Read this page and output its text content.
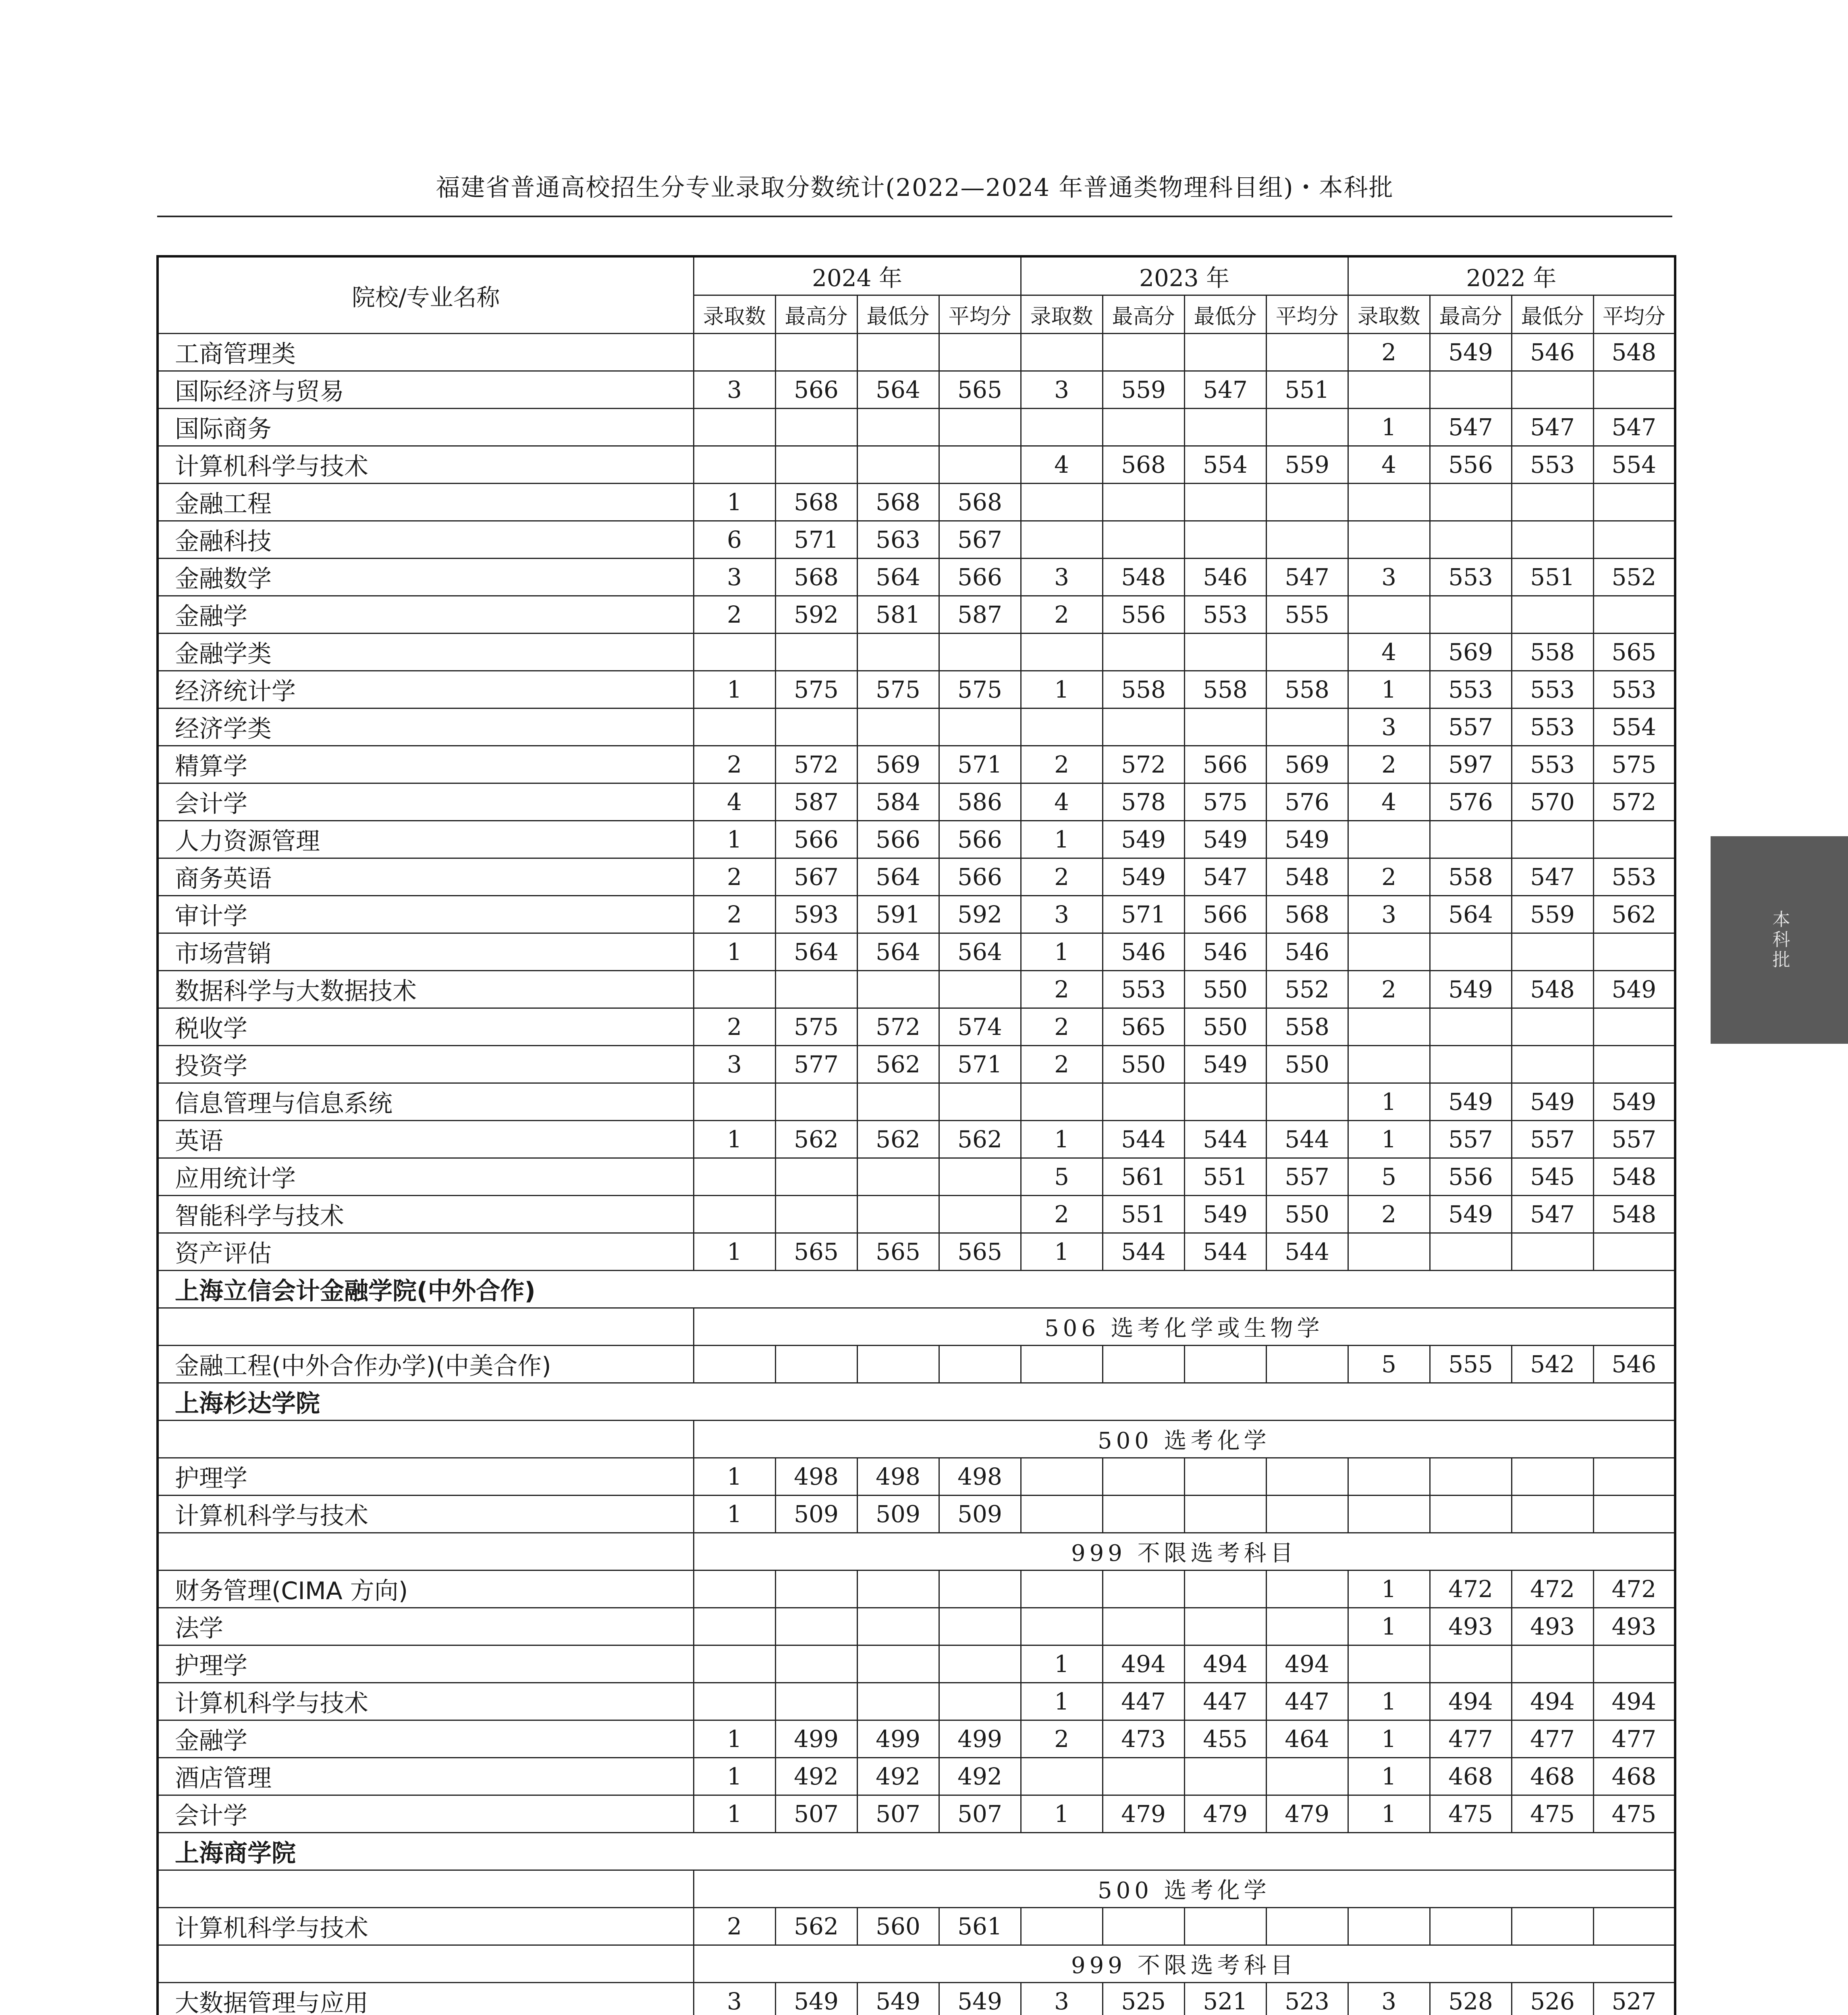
福建省普通高校招生分专业录取分数统计(2022—2024 年普通类物理科目组)・本科批
院校/专业名称	2024 年				2023 年				2022 年			
	录取数	最高分	最低分	平均分	录取数	最高分	最低分	平均分	录取数	最高分	最低分	平均分
工商管理类									2	549	546	548
国际经济与贸易	3	566	564	565	3	559	547	551				
国际商务									1	547	547	547
计算机科学与技术					4	568	554	559	4	556	553	554
金融工程	1	568	568	568								
金融科技	6	571	563	567								
金融数学	3	568	564	566	3	548	546	547	3	553	551	552
金融学	2	592	581	587	2	556	553	555				
金融学类									4	569	558	565
经济统计学	1	575	575	575	1	558	558	558	1	553	553	553
经济学类									3	557	553	554
精算学	2	572	569	571	2	572	566	569	2	597	553	575
会计学	4	587	584	586	4	578	575	576	4	576	570	572
人力资源管理	1	566	566	566	1	549	549	549				
商务英语	2	567	564	566	2	549	547	548	2	558	547	553
审计学	2	593	591	592	3	571	566	568	3	564	559	562
市场营销	1	564	564	564	1	546	546	546				
数据科学与大数据技术					2	553	550	552	2	549	548	549
税收学	2	575	572	574	2	565	550	558				
投资学	3	577	562	571	2	550	549	550				
信息管理与信息系统									1	549	549	549
英语	1	562	562	562	1	544	544	544	1	557	557	557
应用统计学					5	561	551	557	5	556	545	548
智能科学与技术					2	551	549	550	2	549	547	548
资产评估	1	565	565	565	1	544	544	544				
上海立信会计金融学院(中外合作)												
	506 选考化学或生物学											
金融工程(中外合作办学)(中美合作)									5	555	542	546
上海杉达学院												
	500 选考化学											
护理学	1	498	498	498								
计算机科学与技术	1	509	509	509								
	999 不限选考科目											
财务管理(CIMA 方向)									1	472	472	472
法学									1	493	493	493
护理学					1	494	494	494				
计算机科学与技术					1	447	447	447	1	494	494	494
金融学	1	499	499	499	2	473	455	464	1	477	477	477
酒店管理	1	492	492	492					1	468	468	468
会计学	1	507	507	507	1	479	479	479	1	475	475	475
上海商学院												
	500 选考化学											
计算机科学与技术	2	562	560	561								
	999 不限选考科目											
大数据管理与应用	3	549	549	549	3	525	521	523	3	528	526	527

本科批
